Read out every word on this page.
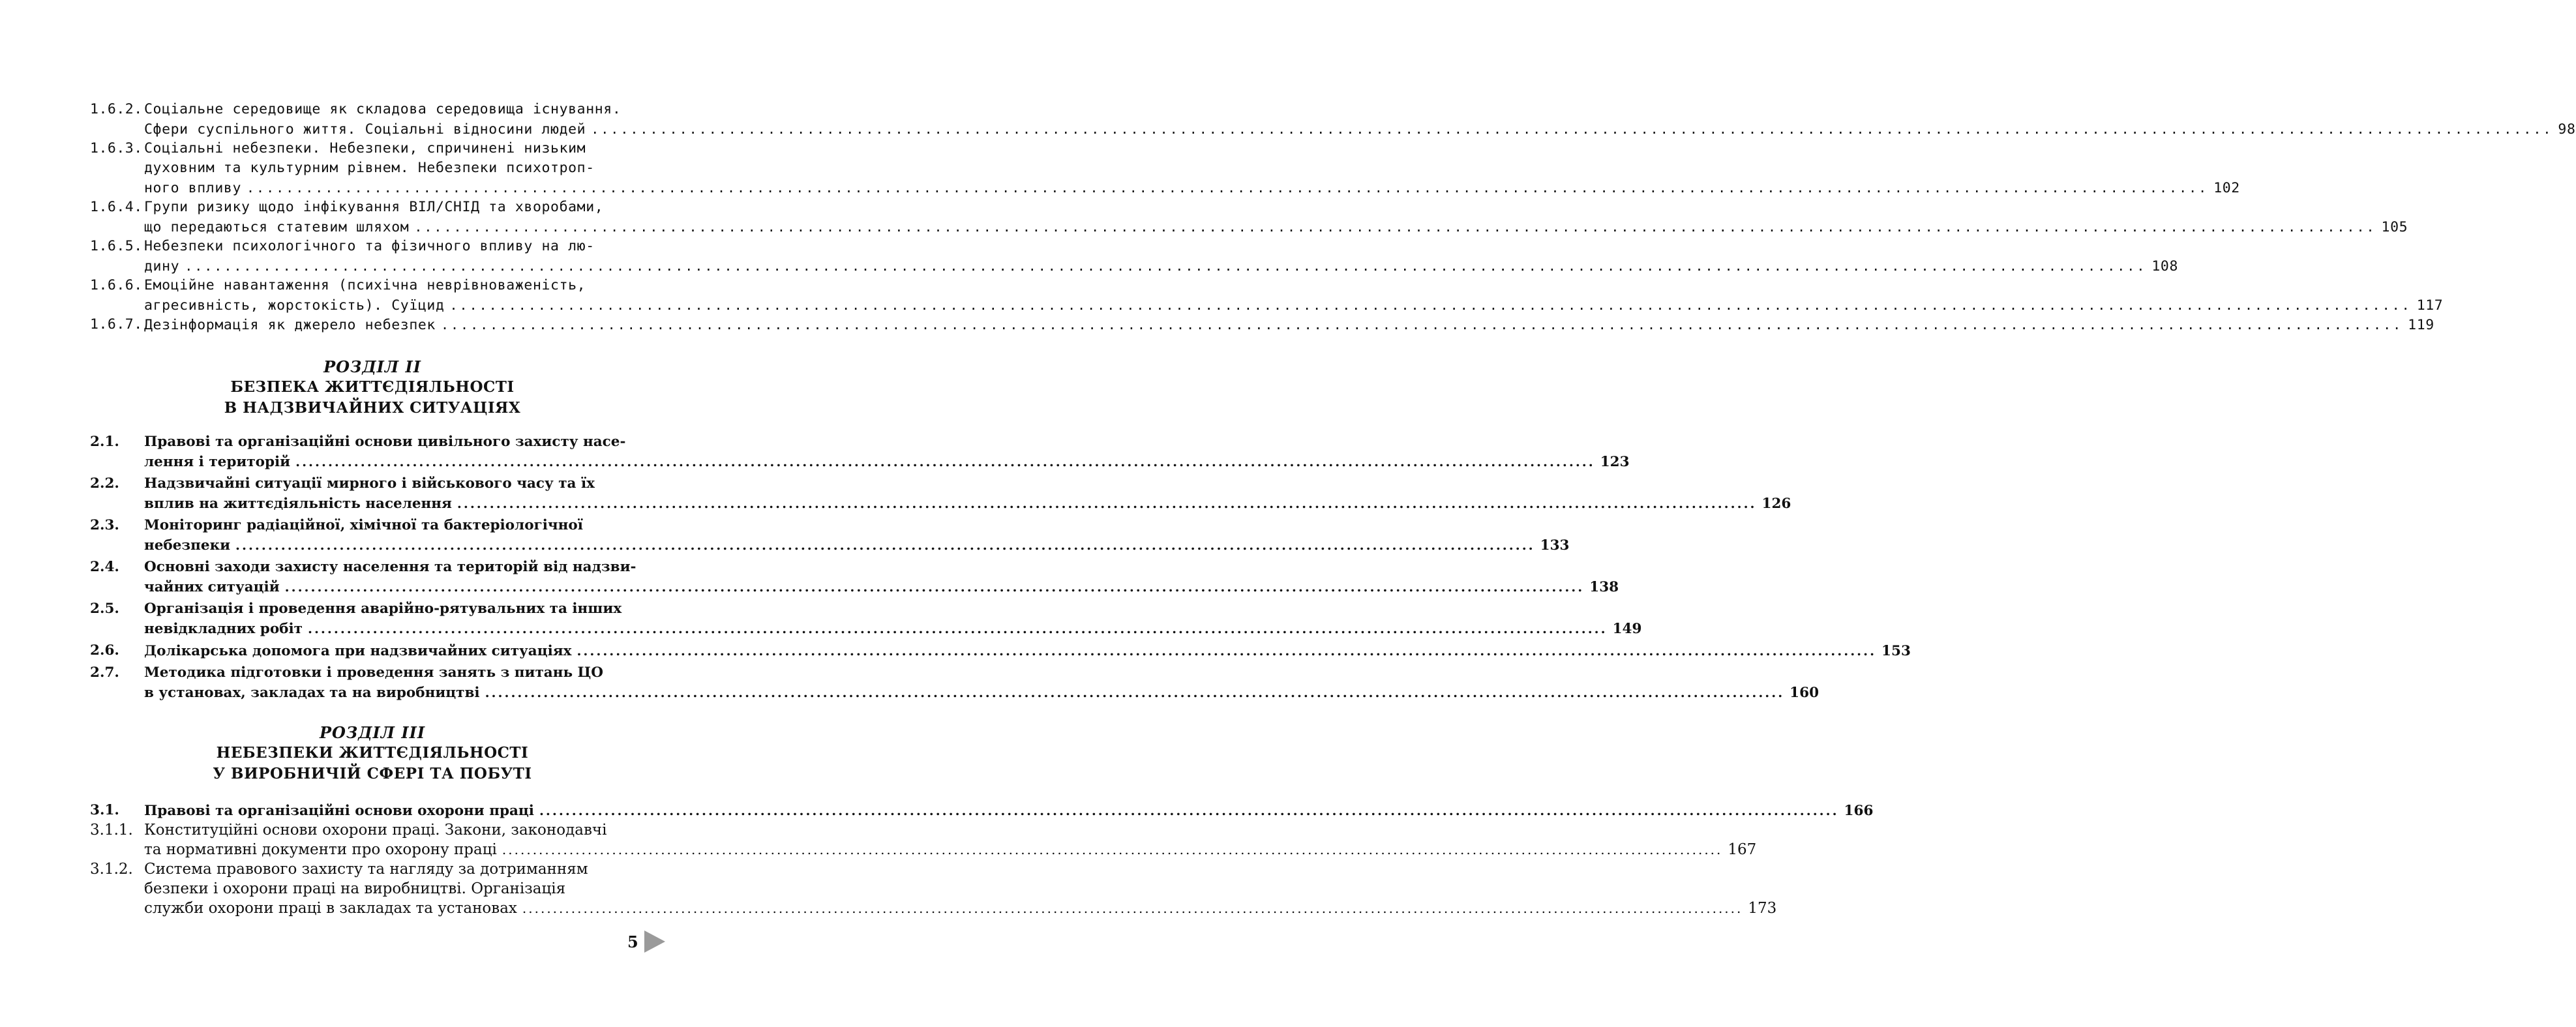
1.6.2. Соціальне середовище як складова середовища існування.
Сфери суспільного життя. Соціальні відносини людей ........................................................................................................................................................................................................ 98
1.6.3. Соціальні небезпеки. Небезпеки, спричинені низьким
духовним та культурним рівнем. Небезпеки психотроп-
ного впливу ........................................................................................................................................................................................................ 102
1.6.4. Групи ризику щодо інфікування ВІЛ/СНІД та хворобами,
що передаються статевим шляхом ........................................................................................................................................................................................................ 105
1.6.5. Небезпеки психологічного та фізичного впливу на лю-
дину ........................................................................................................................................................................................................ 108
1.6.6. Емоційне навантаження (психічна неврівноваженість,
агресивність, жорстокість). Суїцид ........................................................................................................................................................................................................ 117
1.6.7. Дезінформація як джерело небезпек ........................................................................................................................................................................................................ 119
РОЗДІЛ ІІ
БЕЗПЕКА ЖИТТЄДІЯЛЬНОСТІ
В НАДЗВИЧАЙНИХ СИТУАЦІЯХ
2.1.	Правові та організаційні основи цивільного захисту насе-
лення і територій ........................................................................................................................................................................................................ 123
2.2.	Надзвичайні ситуації мирного і військового часу та їх
вплив на життєдіяльність населення ........................................................................................................................................................................................................ 126
2.3.	Моніторинг радіаційної, хімічної та бактеріологічної
небезпеки ........................................................................................................................................................................................................ 133
2.4.	Основні заходи захисту населення та територій від надзви-
чайних ситуацій ........................................................................................................................................................................................................ 138
2.5.	Організація і проведення аварійно-рятувальних та інших
невідкладних робіт ........................................................................................................................................................................................................ 149
2.6.	Долікарська допомога при надзвичайних ситуаціях ........................................................................................................................................................................................................ 153
2.7.	Методика підготовки і проведення занять з питань ЦО
в установах, закладах та на виробництві ........................................................................................................................................................................................................ 160
РОЗДІЛ ІІІ
НЕБЕЗПЕКИ ЖИТТЄДІЯЛЬНОСТІ
У ВИРОБНИЧІЙ СФЕРІ ТА ПОБУТІ
3.1.	Правові та організаційні основи охорони праці ........................................................................................................................................................................................................ 166
3.1.1. Конституційні основи охорони праці. Закони, законодавчі
та нормативні документи про охорону праці ........................................................................................................................................................................................................ 167
3.1.2. Система правового захисту та нагляду за дотриманням
безпеки і охорони праці на виробництві. Організація
служби охорони праці в закладах та установах ........................................................................................................................................................................................................ 173
5
